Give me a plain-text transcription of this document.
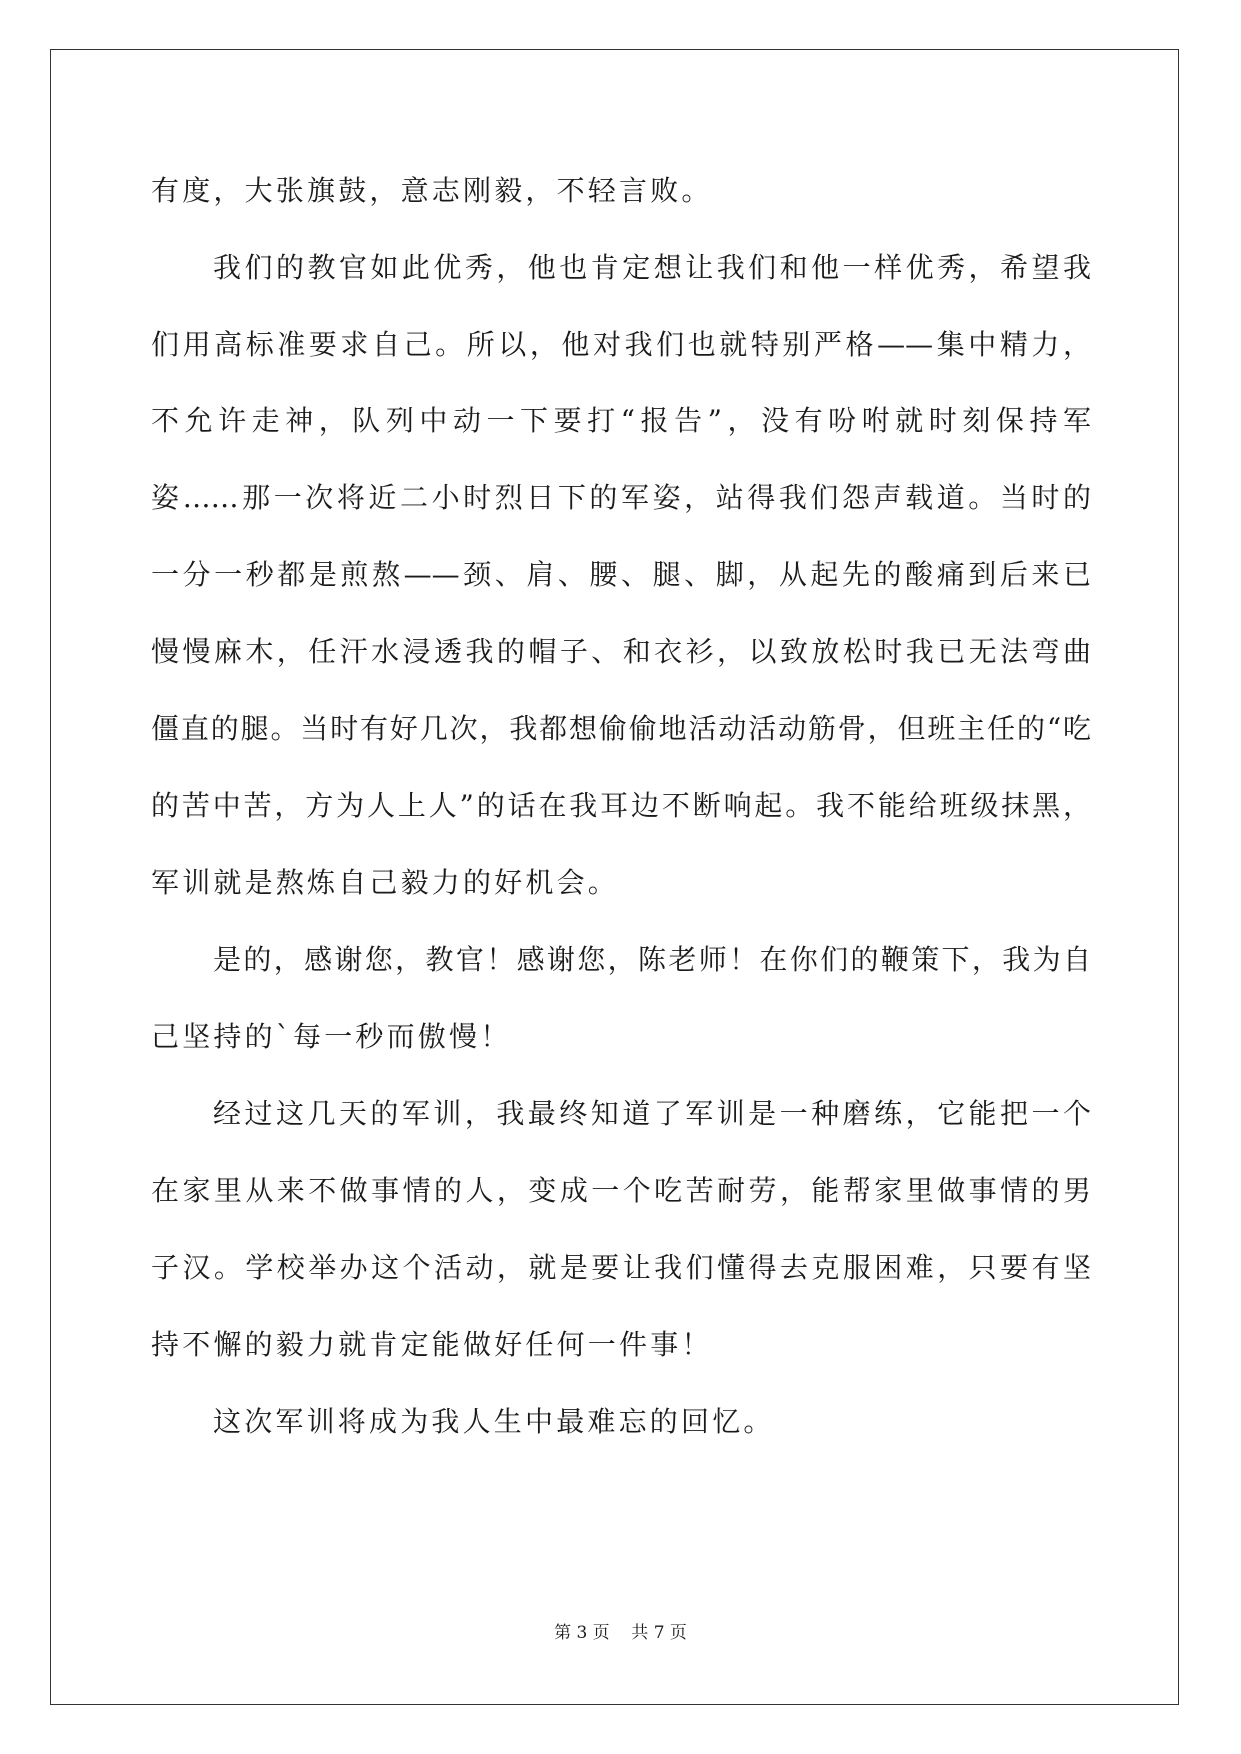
有度，大张旗鼓，意志刚毅，不轻言败。
我们的教官如此优秀，他也肯定想让我们和他一样优秀，希望我
们用高标准要求自己。所以，他对我们也就特别严格——集中精力，
不允许走神，队列中动一下要打“报告”，没有吩咐就时刻保持军
姿……那一次将近二小时烈日下的军姿，站得我们怨声载道。当时的
一分一秒都是煎熬——颈、肩、腰、腿、脚，从起先的酸痛到后来已
慢慢麻木，任汗水浸透我的帽子、和衣衫，以致放松时我已无法弯曲
僵直的腿。当时有好几次，我都想偷偷地活动活动筋骨，但班主任的“吃
的苦中苦，方为人上人”的话在我耳边不断响起。我不能给班级抹黑，
军训就是熬炼自己毅力的好机会。
是的，感谢您，教官！感谢您，陈老师！在你们的鞭策下，我为自
己坚持的`每一秒而傲慢！
经过这几天的军训，我最终知道了军训是一种磨练，它能把一个
在家里从来不做事情的人，变成一个吃苦耐劳，能帮家里做事情的男
子汉。学校举办这个活动，就是要让我们懂得去克服困难，只要有坚
持不懈的毅力就肯定能做好任何一件事！
这次军训将成为我人生中最难忘的回忆。
第 3 页    共 7 页
